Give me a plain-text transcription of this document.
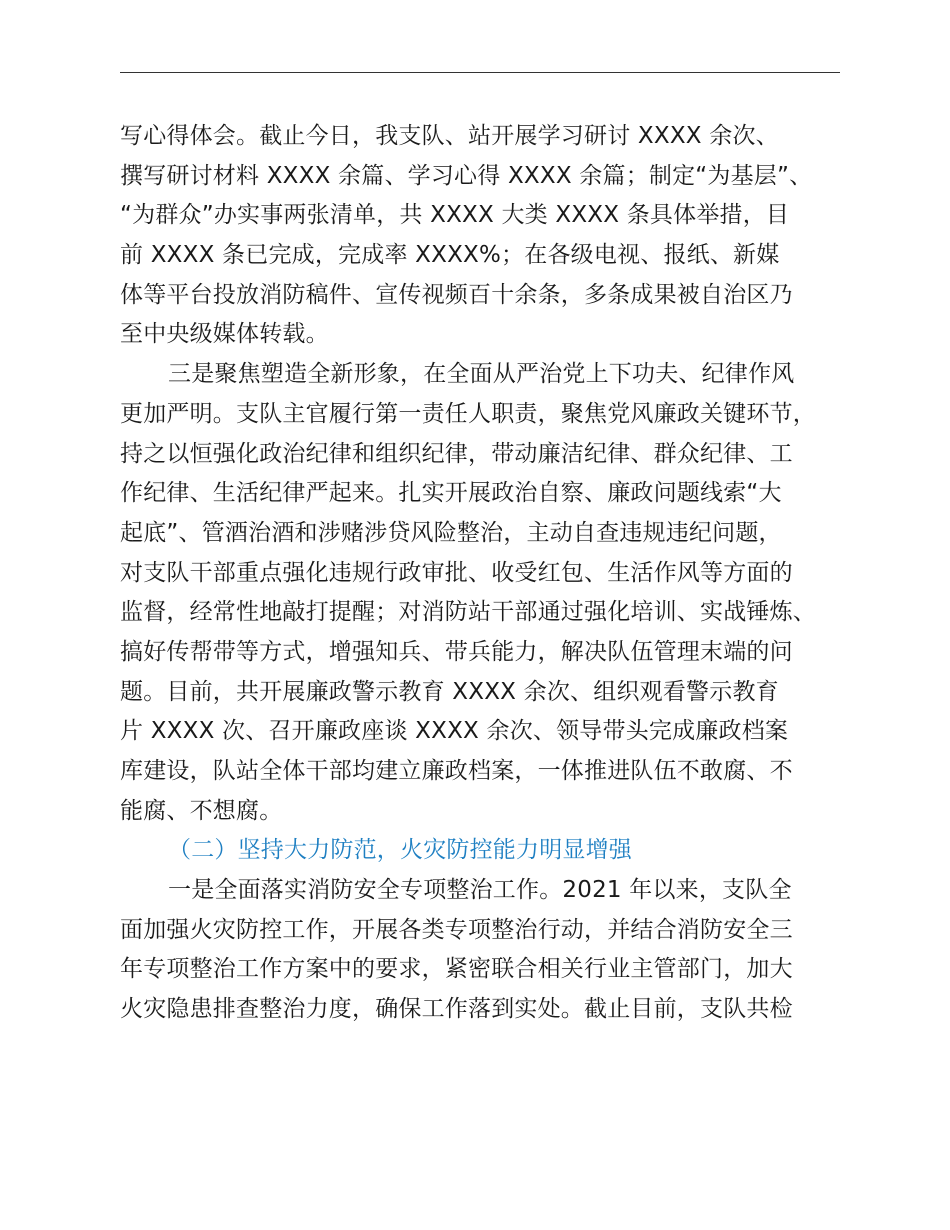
写心得体会。截止今日，我支队、站开展学习研讨 XXXX 余次、
撰写研讨材料 XXXX 余篇、学习心得 XXXX 余篇；制定“为基层”、
“为群众”办实事两张清单，共 XXXX 大类 XXXX 条具体举措，目
前 XXXX 条已完成，完成率 XXXX%；在各级电视、报纸、新媒
体等平台投放消防稿件、宣传视频百十余条，多条成果被自治区乃
至中央级媒体转载。
三是聚焦塑造全新形象，在全面从严治党上下功夫、纪律作风
更加严明。支队主官履行第一责任人职责，聚焦党风廉政关键环节，
持之以恒强化政治纪律和组织纪律，带动廉洁纪律、群众纪律、工
作纪律、生活纪律严起来。扎实开展政治自察、廉政问题线索“大
起底”、管酒治酒和涉赌涉贷风险整治，主动自查违规违纪问题，
对支队干部重点强化违规行政审批、收受红包、生活作风等方面的
监督，经常性地敲打提醒；对消防站干部通过强化培训、实战锤炼、
搞好传帮带等方式，增强知兵、带兵能力，解决队伍管理末端的问
题。目前，共开展廉政警示教育 XXXX 余次、组织观看警示教育
片 XXXX 次、召开廉政座谈 XXXX 余次、领导带头完成廉政档案
库建设，队站全体干部均建立廉政档案，一体推进队伍不敢腐、不
能腐、不想腐。
（二）坚持大力防范，火灾防控能力明显增强
一是全面落实消防安全专项整治工作。2021 年以来，支队全
面加强火灾防控工作，开展各类专项整治行动，并结合消防安全三
年专项整治工作方案中的要求，紧密联合相关行业主管部门，加大
火灾隐患排查整治力度，确保工作落到实处。截止目前，支队共检
